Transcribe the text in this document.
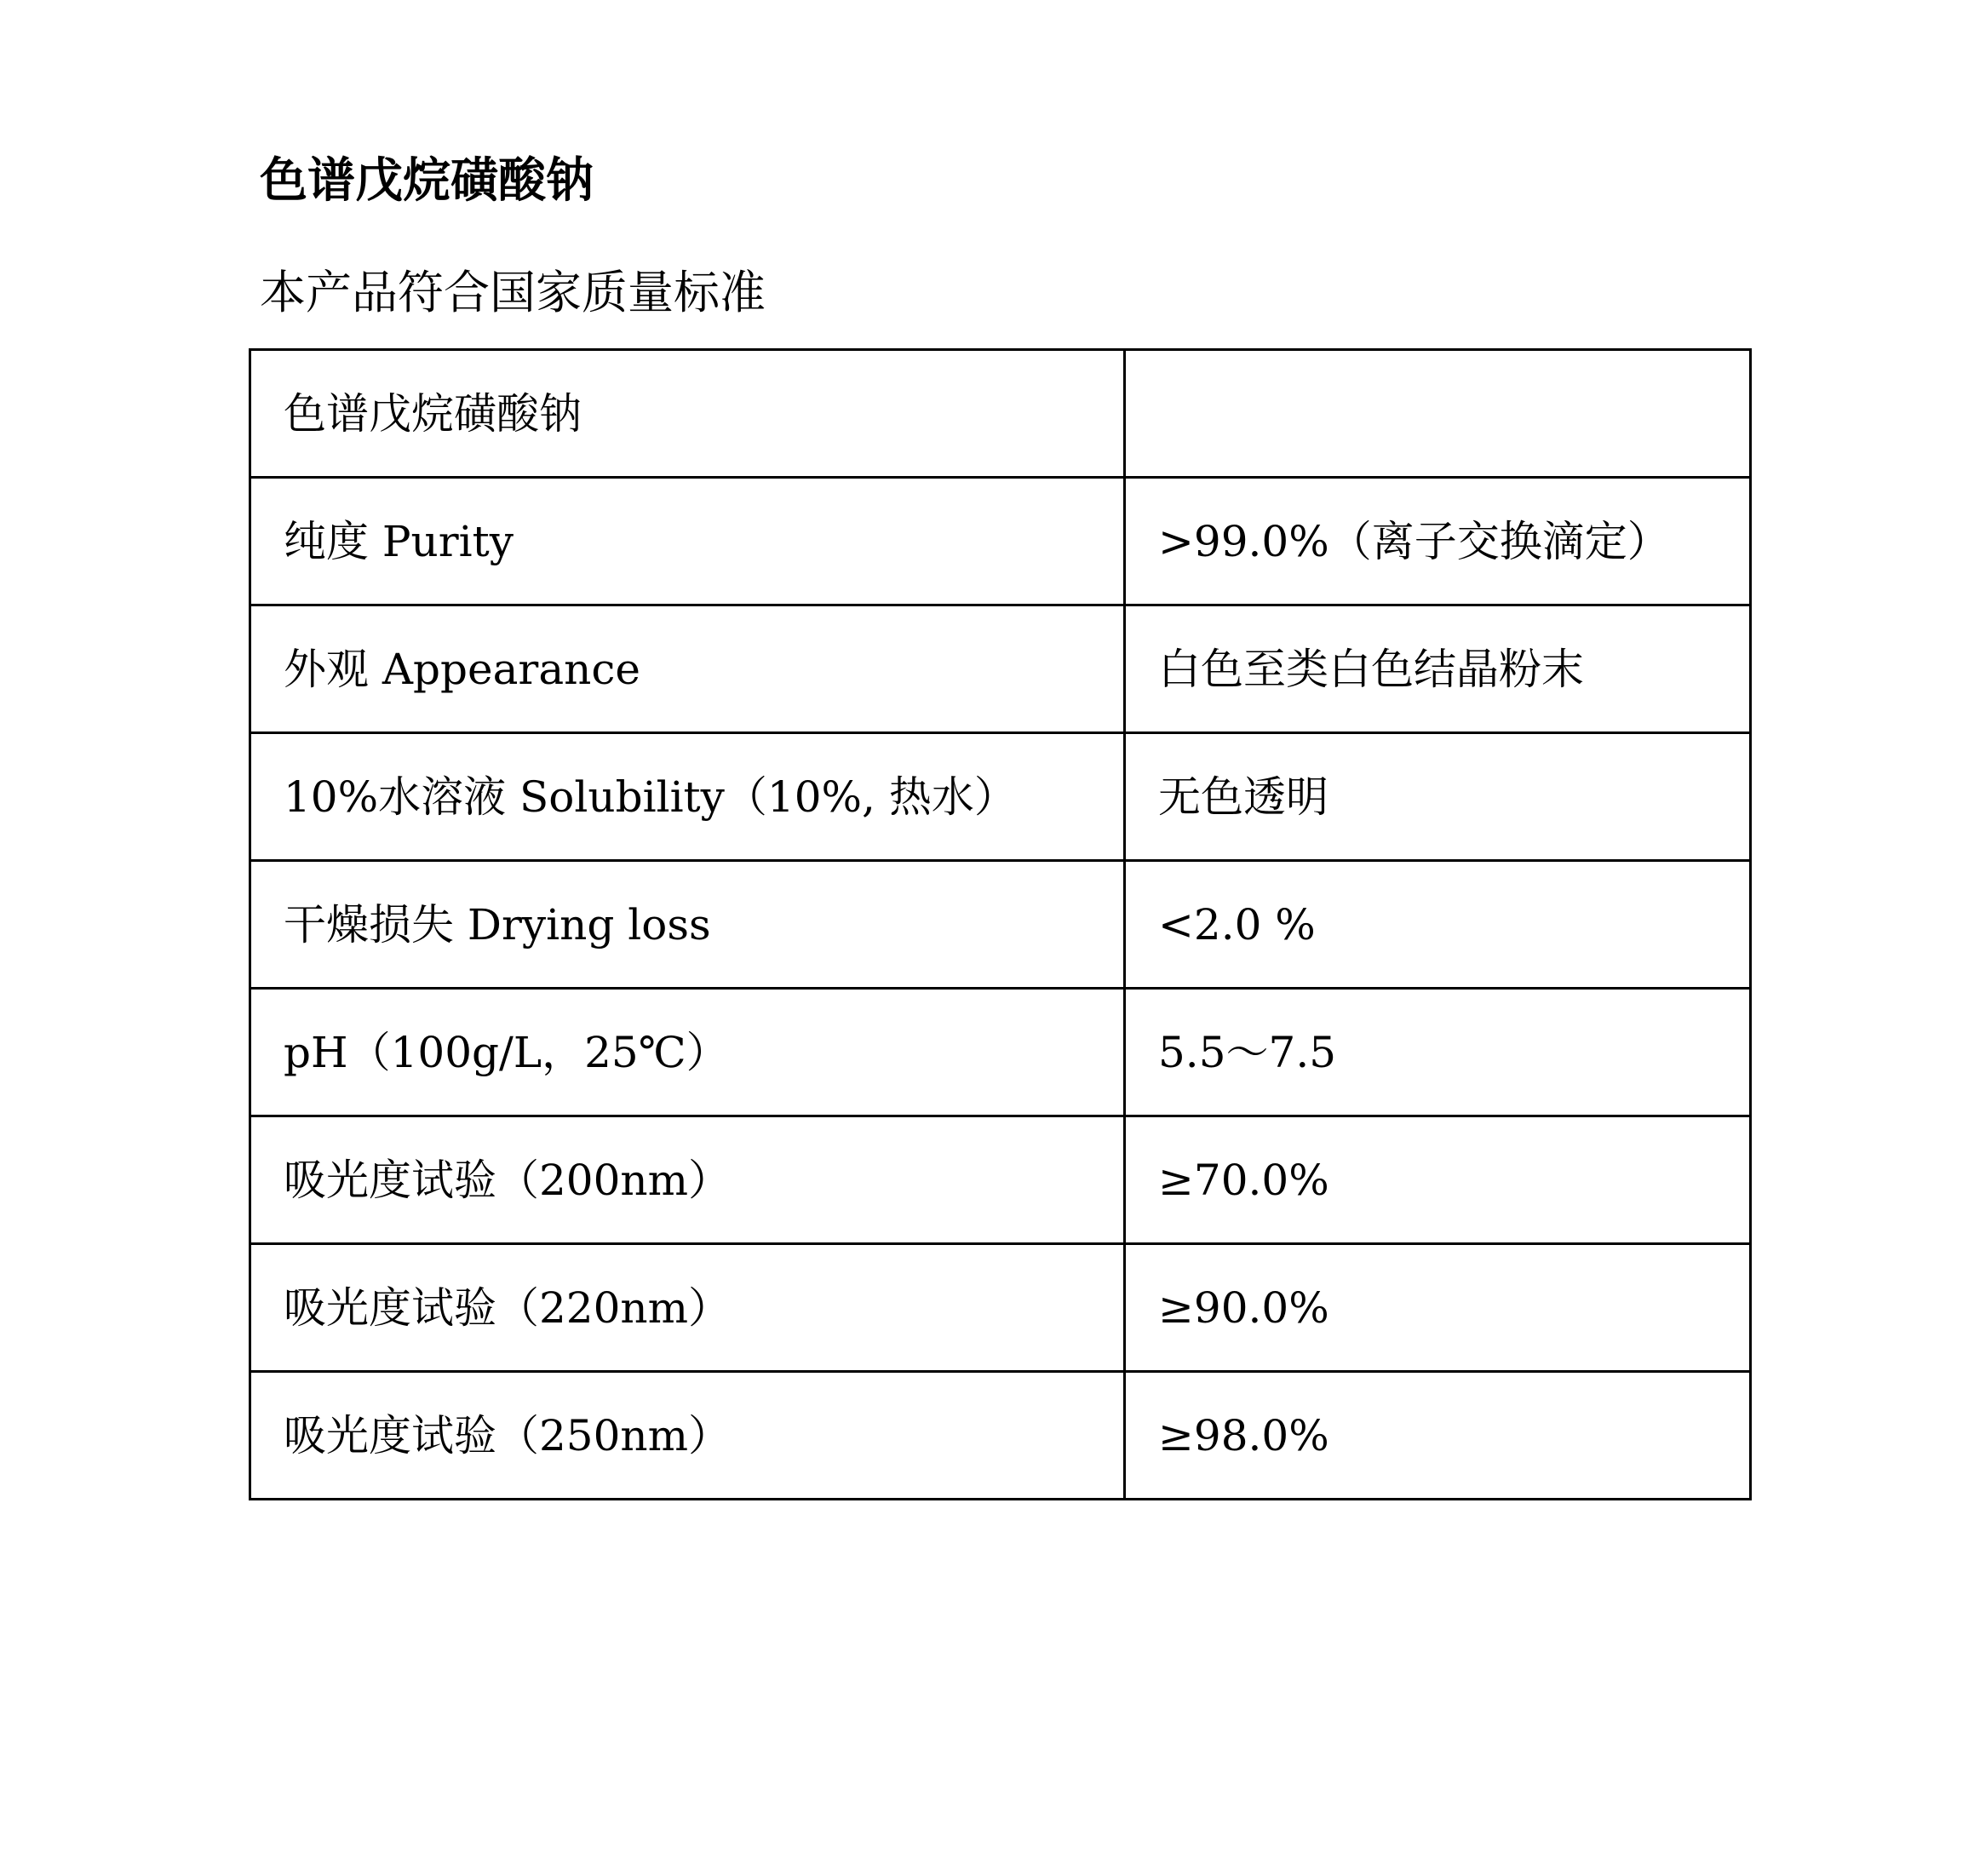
色谱戊烷磺酸钠

本产品符合国家质量标准

色谱戊烷磺酸钠	
纯度 Purity	>99.0%（离子交换滴定）
外观 Appearance	白色至类白色结晶粉末
10%水溶液 Solubility（10%, 热水）	无色透明
干燥损失 Drying loss	<2.0 %
pH（100g/L，25℃）	5.5～7.5
吸光度试验（200nm）	≥70.0%
吸光度试验（220nm）	≥90.0%
吸光度试验（250nm）	≥98.0%
